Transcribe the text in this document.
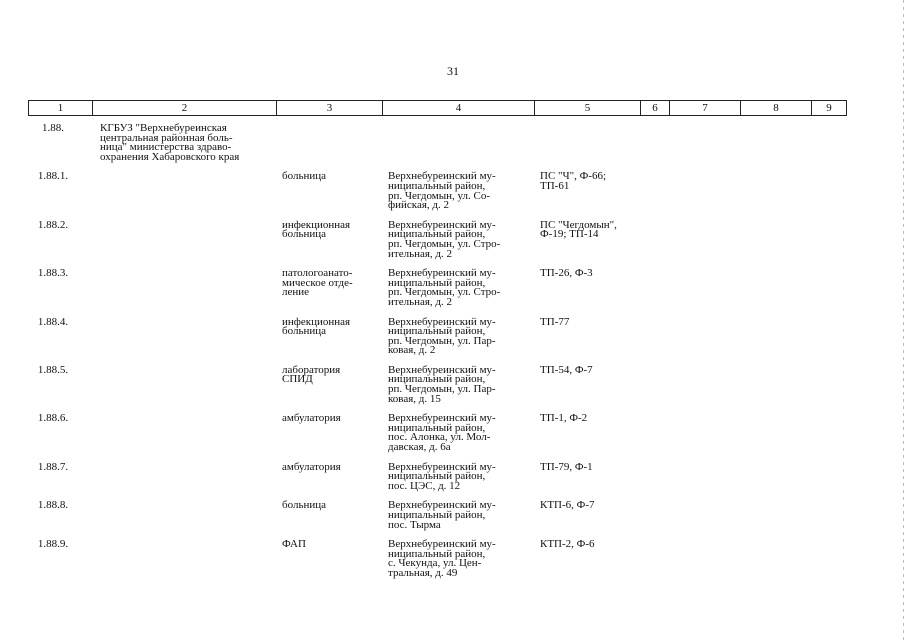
31
1	2	3	4	5	6	7	8	9
1.88.	КГБУЗ "Верхнебуреинская
центральная районная боль-
ница" министерства здраво-
охранения Хабаровского края							
1.88.1.		больница	Верхнебуреинский му-
ниципальный район,
рп. Чегдомын, ул. Со-
фийская, д. 2	ПС "Ч", Ф-66;
ТП-61				
1.88.2.		инфекционная
больница	Верхнебуреинский му-
ниципальный район,
рп. Чегдомын, ул. Стро-
ительная, д. 2	ПС "Чегдомын",
Ф-19; ТП-14				
1.88.3.		патологоанато-
мическое отде-
ление	Верхнебуреинский му-
ниципальный район,
рп. Чегдомын, ул. Стро-
ительная, д. 2	ТП-26, Ф-3				
1.88.4.		инфекционная
больница	Верхнебуреинский му-
ниципальный район,
рп. Чегдомын, ул. Пар-
ковая, д. 2	ТП-77				
1.88.5.		лаборатория
СПИД	Верхнебуреинский му-
ниципальный район,
рп. Чегдомын, ул. Пар-
ковая, д. 15	ТП-54, Ф-7				
1.88.6.		амбулатория	Верхнебуреинский му-
ниципальный район,
пос. Алонка, ул. Мол-
давская, д. 6а	ТП-1, Ф-2				
1.88.7.		амбулатория	Верхнебуреинский му-
ниципальный район,
пос. ЦЭС, д. 12	ТП-79, Ф-1				
1.88.8.		больница	Верхнебуреинский му-
ниципальный район,
пос. Тырма	КТП-6, Ф-7				
1.88.9.		ФАП	Верхнебуреинский му-
ниципальный район,
с. Чекунда, ул. Цен-
тральная, д. 49	КТП-2, Ф-6				
